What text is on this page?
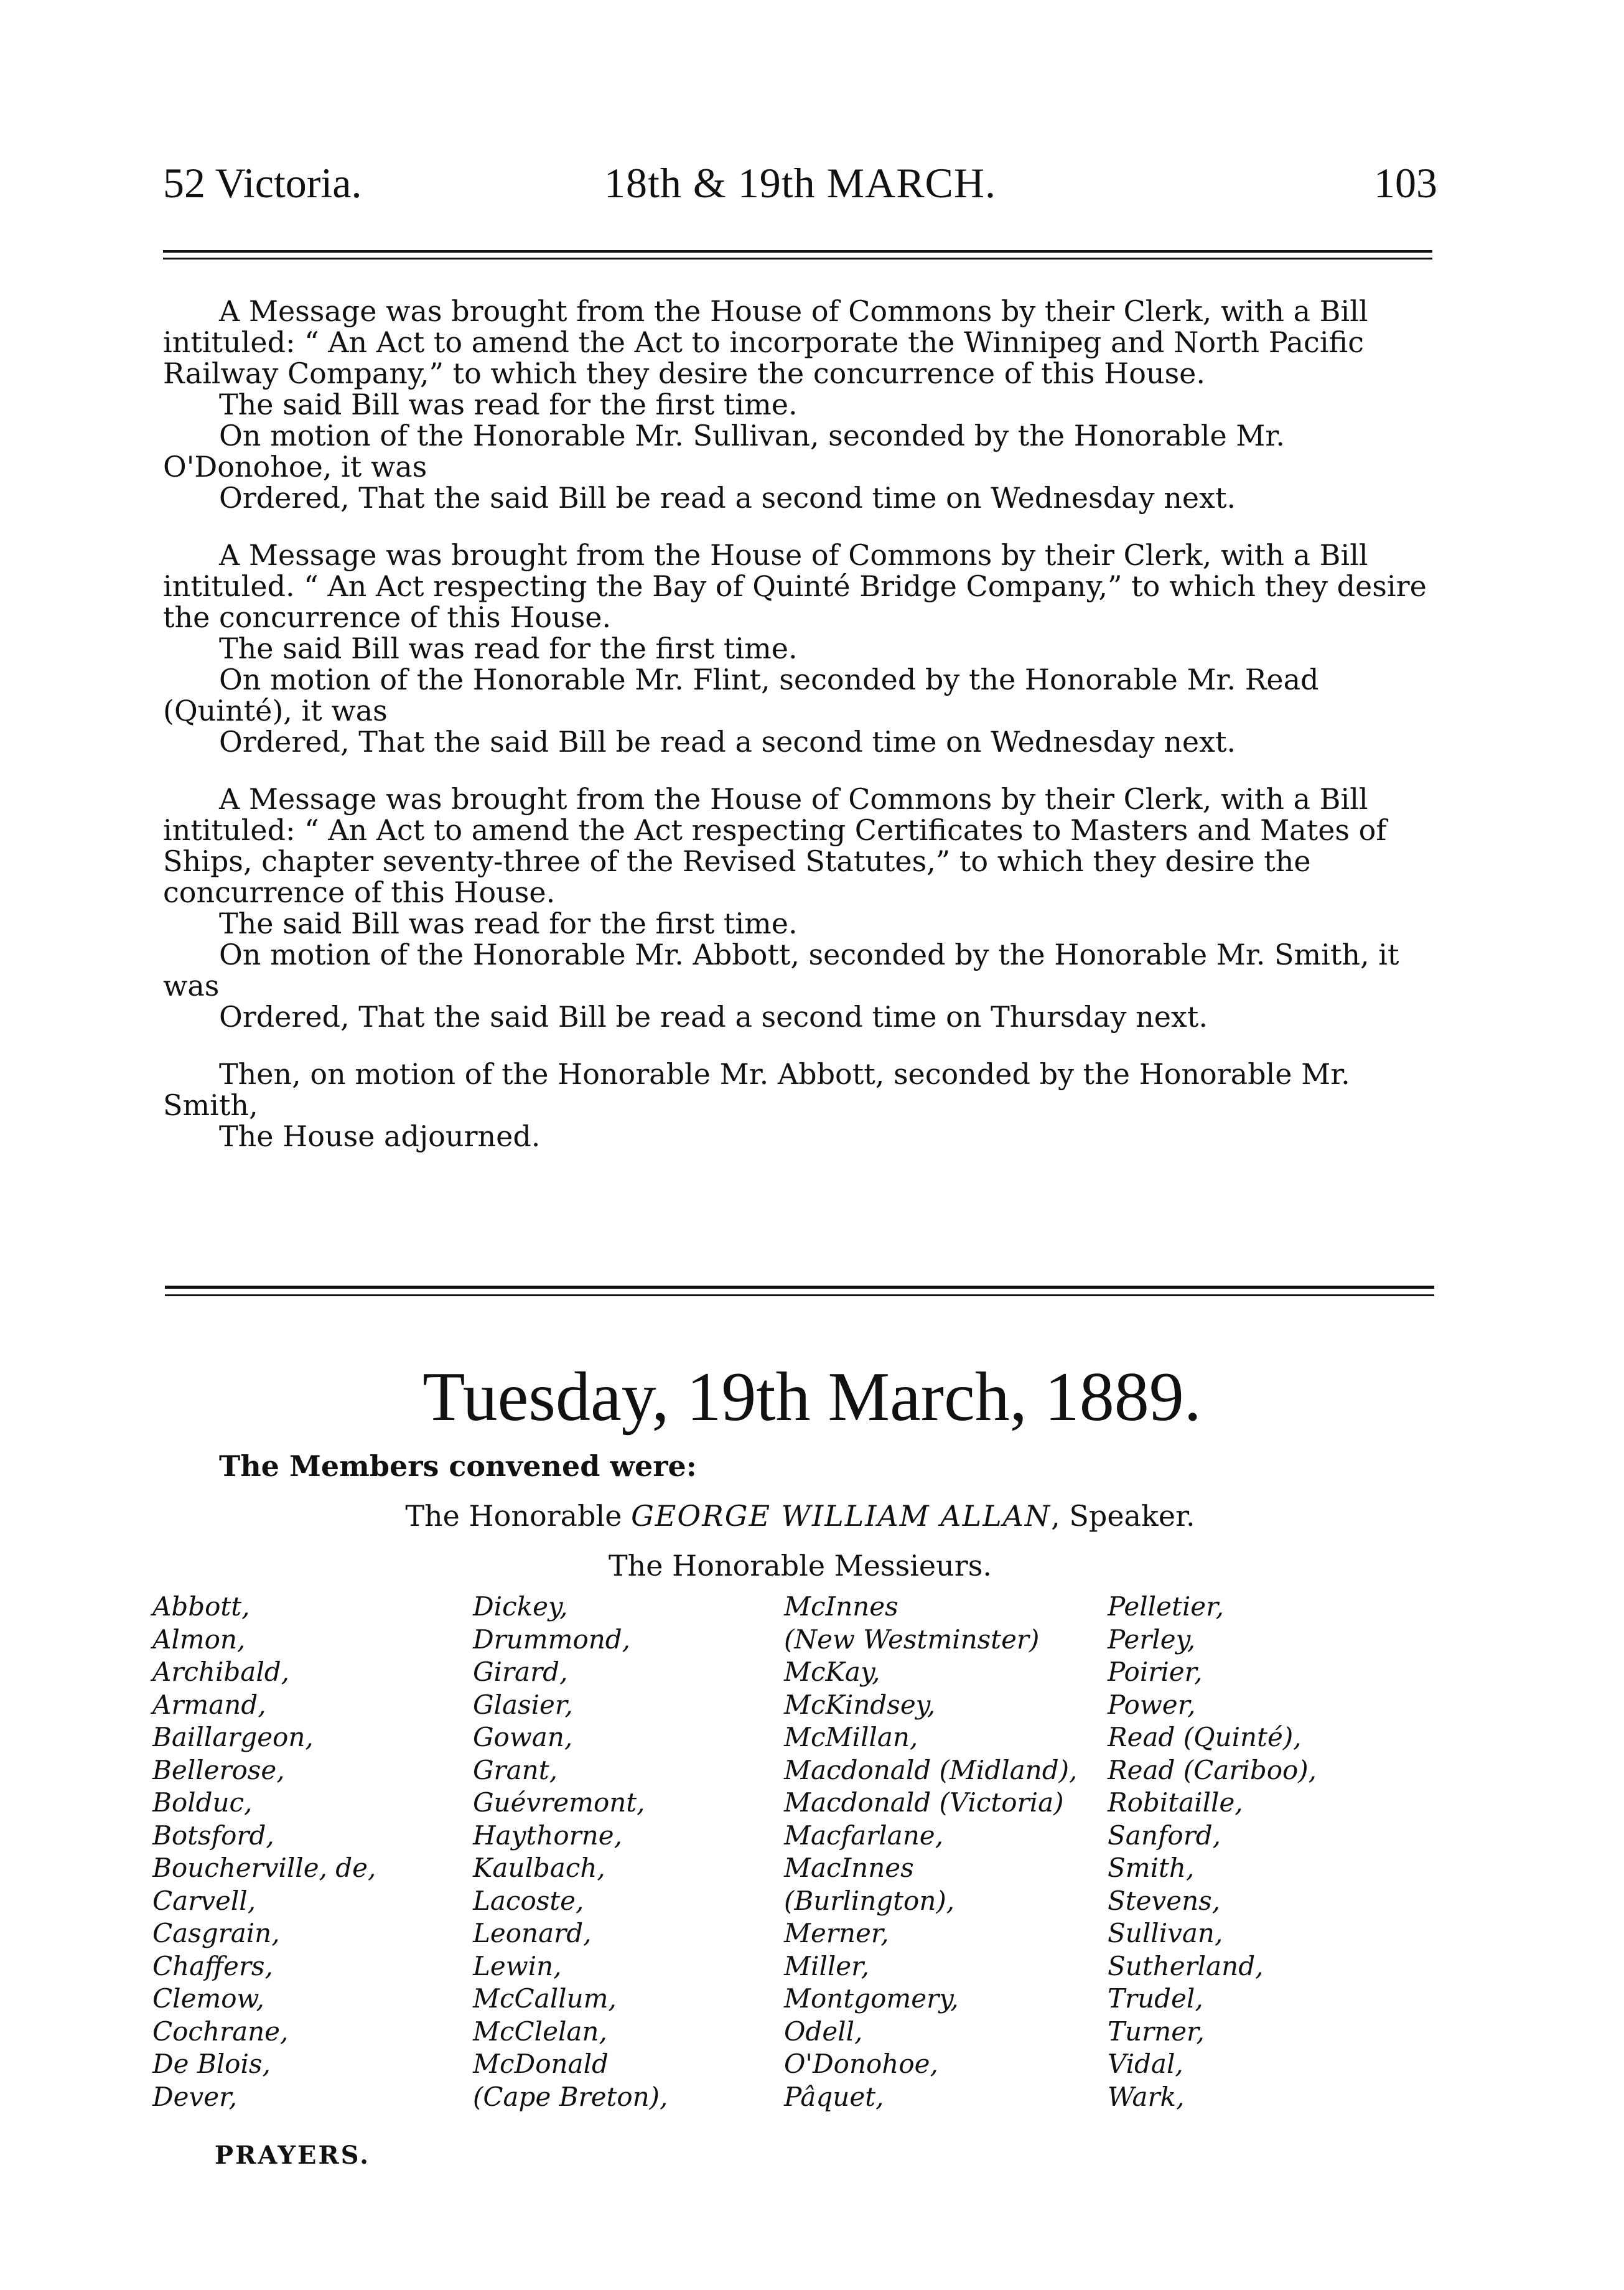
52 Victoria.	18th & 19th MARCH.	103

A Message was brought from the House of Commons by their Clerk, with a Bill intituled: “ An Act to amend the Act to incorporate the Winnipeg and North Pacific Railway Company,” to which they desire the concurrence of this House.

The said Bill was read for the first time.

On motion of the Honorable Mr. Sullivan, seconded by the Honorable Mr. O'Donohoe, it was

Ordered, That the said Bill be read a second time on Wednesday next.

A Message was brought from the House of Commons by their Clerk, with a Bill intituled. “ An Act respecting the Bay of Quinté Bridge Company,” to which they desire the concurrence of this House.

The said Bill was read for the first time.

On motion of the Honorable Mr. Flint, seconded by the Honorable Mr. Read (Quinté), it was

Ordered, That the said Bill be read a second time on Wednesday next.

A Message was brought from the House of Commons by their Clerk, with a Bill intituled: “ An Act to amend the Act respecting Certificates to Masters and Mates of Ships, chapter seventy-three of the Revised Statutes,” to which they desire the concurrence of this House.

The said Bill was read for the first time.

On motion of the Honorable Mr. Abbott, seconded by the Honorable Mr. Smith, it was

Ordered, That the said Bill be read a second time on Thursday next.

Then, on motion of the Honorable Mr. Abbott, seconded by the Honorable Mr. Smith,

The House adjourned.

Tuesday, 19th March, 1889.
The Members convened were:
The Honorable GEORGE WILLIAM ALLAN, Speaker.
The Honorable Messieurs.
Abbott,
Almon,
Archibald,
Armand,
Baillargeon,
Bellerose,
Bolduc,
Botsford,
Boucherville, de,
Carvell,
Casgrain,
Chaffers,
Clemow,
Cochrane,
De Blois,
Dever,
Dickey,
Drummond,
Girard,
Glasier,
Gowan,
Grant,
Guévremont,
Haythorne,
Kaulbach,
Lacoste,
Leonard,
Lewin,
McCallum,
McClelan,
McDonald
(Cape Breton),
McInnes
(New Westminster)
McKay,
McKindsey,
McMillan,
Macdonald (Midland),
Macdonald (Victoria)
Macfarlane,
MacInnes
(Burlington),
Merner,
Miller,
Montgomery,
Odell,
O'Donohoe,
Pâquet,
Pelletier,
Perley,
Poirier,
Power,
Read (Quinté),
Read (Cariboo),
Robitaille,
Sanford,
Smith,
Stevens,
Sullivan,
Sutherland,
Trudel,
Turner,
Vidal,
Wark,
PRAYERS.
